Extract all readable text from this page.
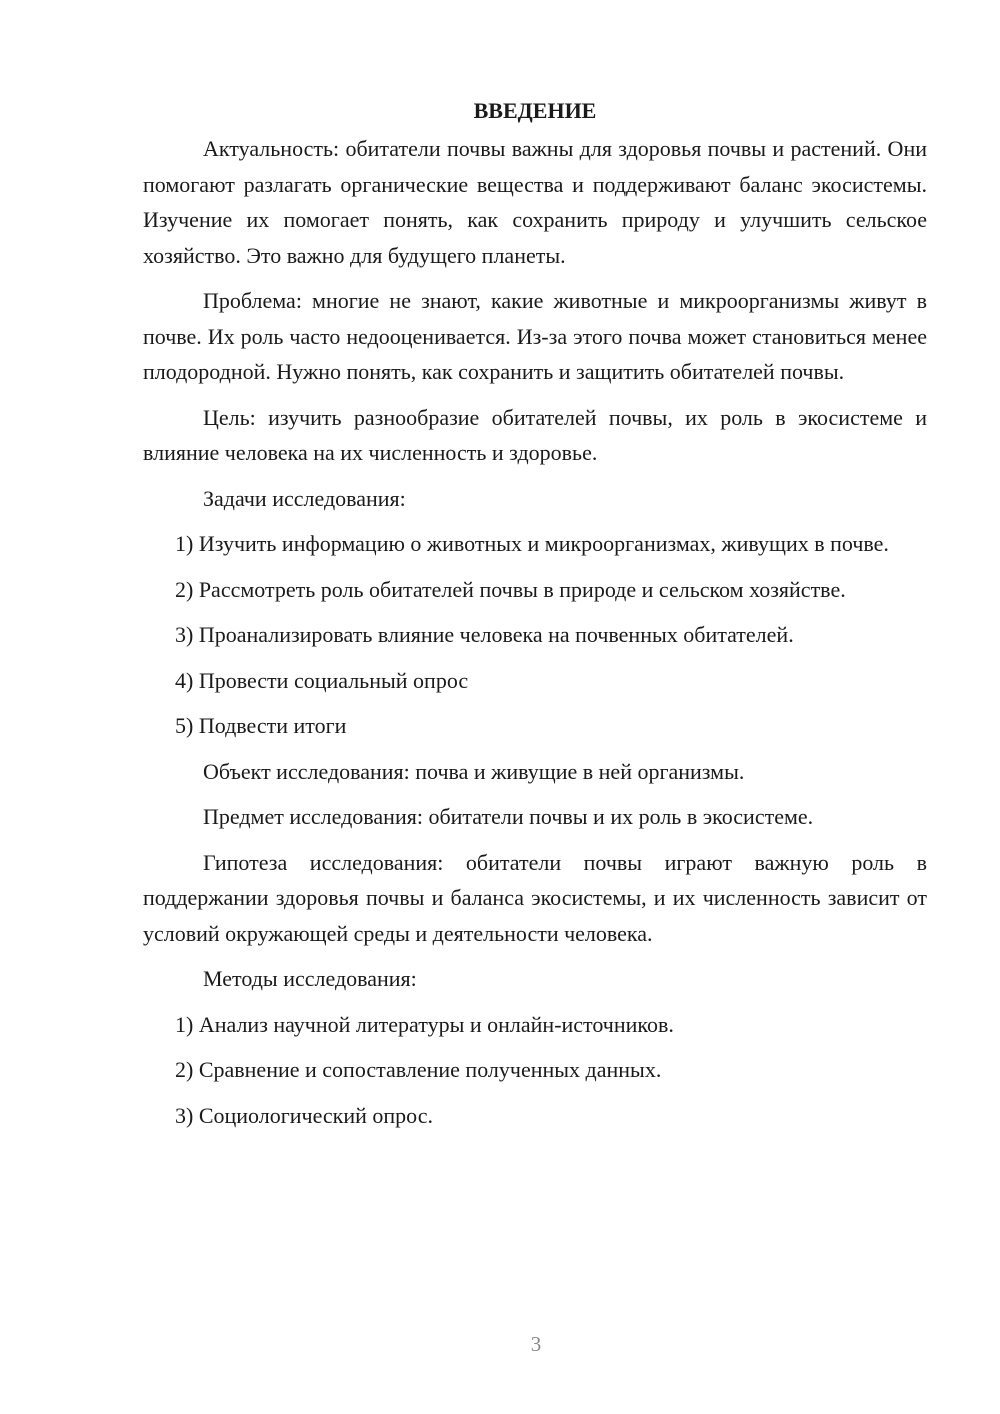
ВВЕДЕНИЕ

Актуальность: обитатели почвы важны для здоровья почвы и растений. Они помогают разлагать органические вещества и поддерживают баланс экосистемы. Изучение их помогает понять, как сохранить природу и улучшить сельское хозяйство. Это важно для будущего планеты.

Проблема: многие не знают, какие животные и микроорганизмы живут в почве. Их роль часто недооценивается. Из-за этого почва может становиться менее плодородной. Нужно понять, как сохранить и защитить обитателей почвы.

Цель: изучить разнообразие обитателей почвы, их роль в экосистеме и влияние человека на их численность и здоровье.

Задачи исследования:

1) Изучить информацию о животных и микроорганизмах, живущих в почве.

2) Рассмотреть роль обитателей почвы в природе и сельском хозяйстве.

3) Проанализировать влияние человека на почвенных обитателей.

4) Провести социальный опрос

5) Подвести итоги

Объект исследования: почва и живущие в ней организмы.

Предмет исследования: обитатели почвы и их роль в экосистеме.

Гипотеза исследования: обитатели почвы играют важную роль в поддержании здоровья почвы и баланса экосистемы, и их численность зависит от условий окружающей среды и деятельности человека.

Методы исследования:

1) Анализ научной литературы и онлайн-источников.

2) Сравнение и сопоставление полученных данных.

3) Социологический опрос.

3
